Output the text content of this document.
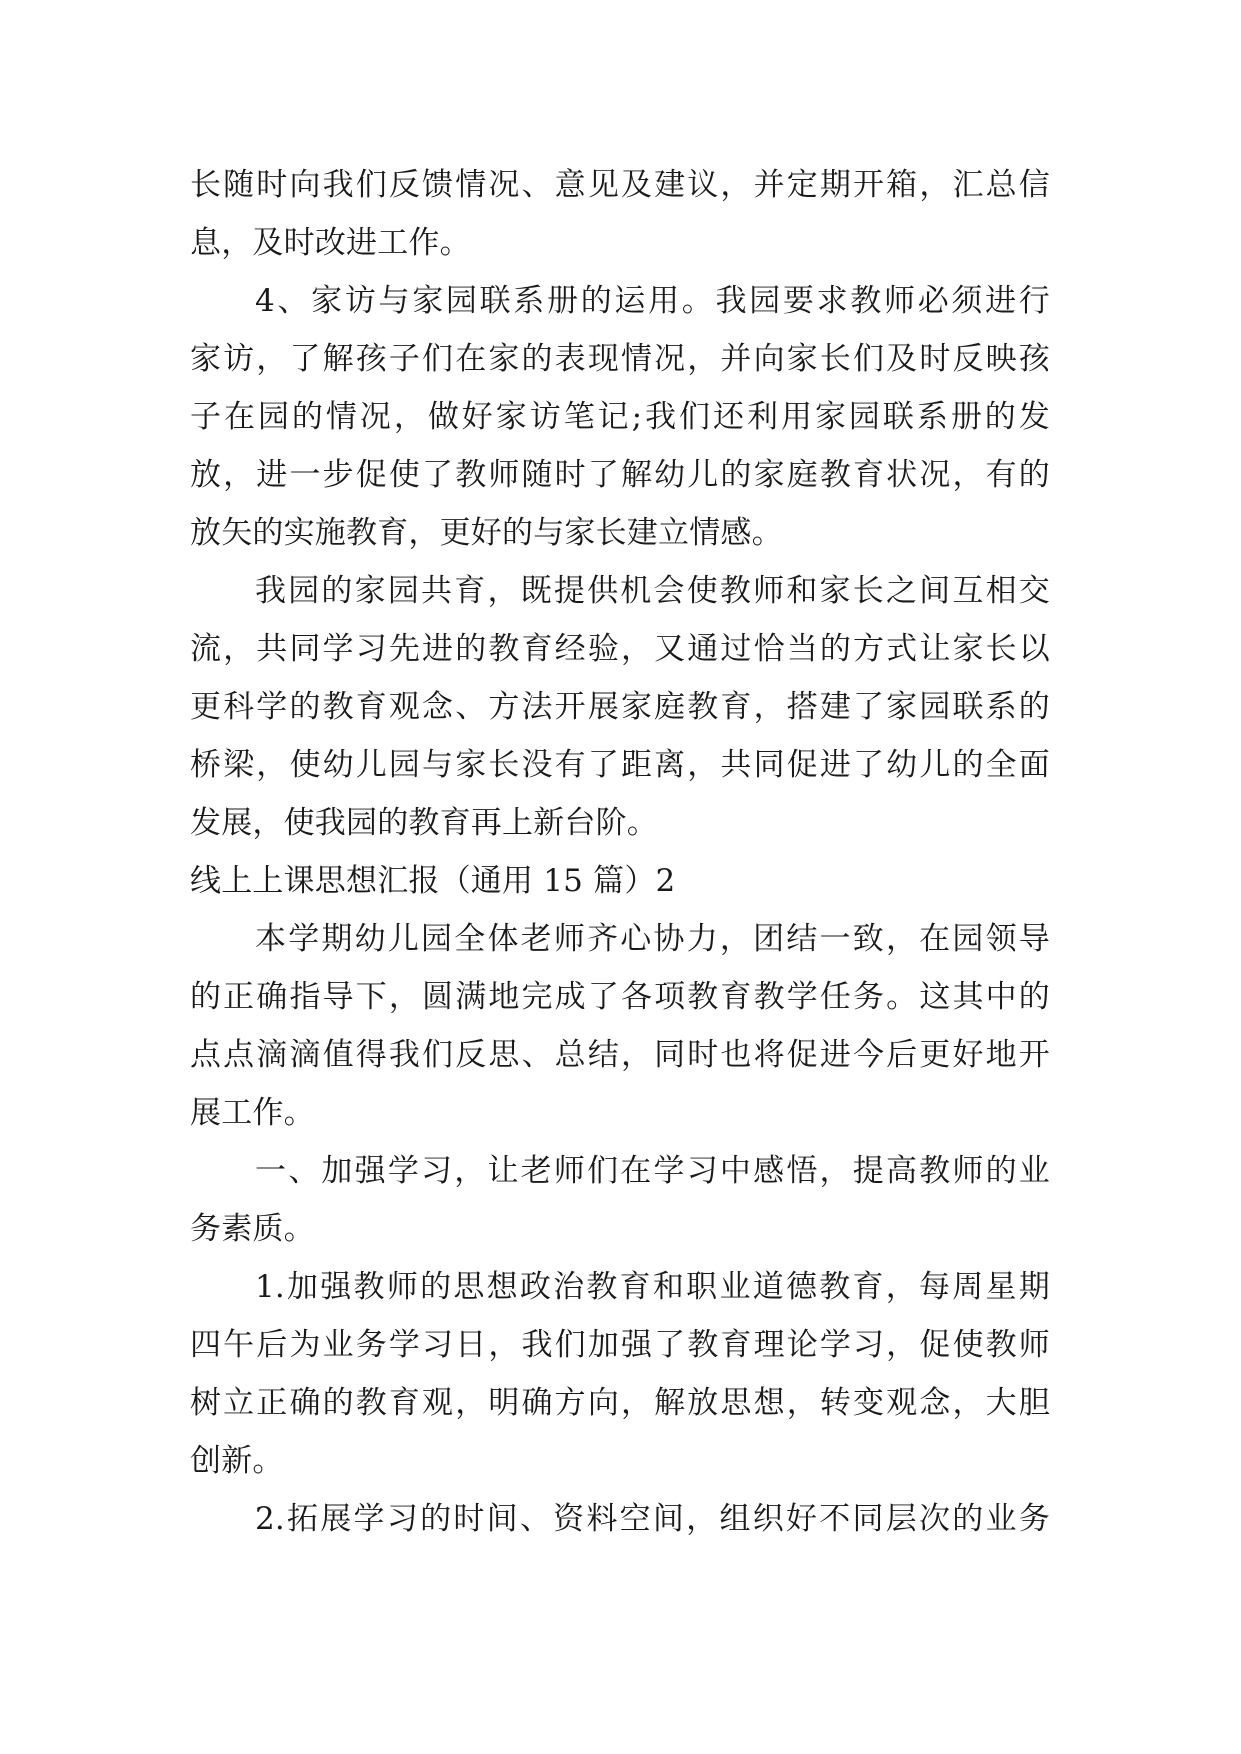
长随时向我们反馈情况、意见及建议，并定期开箱，汇总信
息，及时改进工作。
4、家访与家园联系册的运用。我园要求教师必须进行
家访，了解孩子们在家的表现情况，并向家长们及时反映孩
子在园的情况，做好家访笔记;我们还利用家园联系册的发
放，进一步促使了教师随时了解幼儿的家庭教育状况，有的
放矢的实施教育，更好的与家长建立情感。
我园的家园共育，既提供机会使教师和家长之间互相交
流，共同学习先进的教育经验，又通过恰当的方式让家长以
更科学的教育观念、方法开展家庭教育，搭建了家园联系的
桥梁，使幼儿园与家长没有了距离，共同促进了幼儿的全面
发展，使我园的教育再上新台阶。
线上上课思想汇报（通用 15 篇）2
本学期幼儿园全体老师齐心协力，团结一致，在园领导
的正确指导下，圆满地完成了各项教育教学任务。这其中的
点点滴滴值得我们反思、总结，同时也将促进今后更好地开
展工作。
一、加强学习，让老师们在学习中感悟，提高教师的业
务素质。
1.加强教师的思想政治教育和职业道德教育，每周星期
四午后为业务学习日，我们加强了教育理论学习，促使教师
树立正确的教育观，明确方向，解放思想，转变观念，大胆
创新。
2.拓展学习的时间、资料空间，组织好不同层次的业务
